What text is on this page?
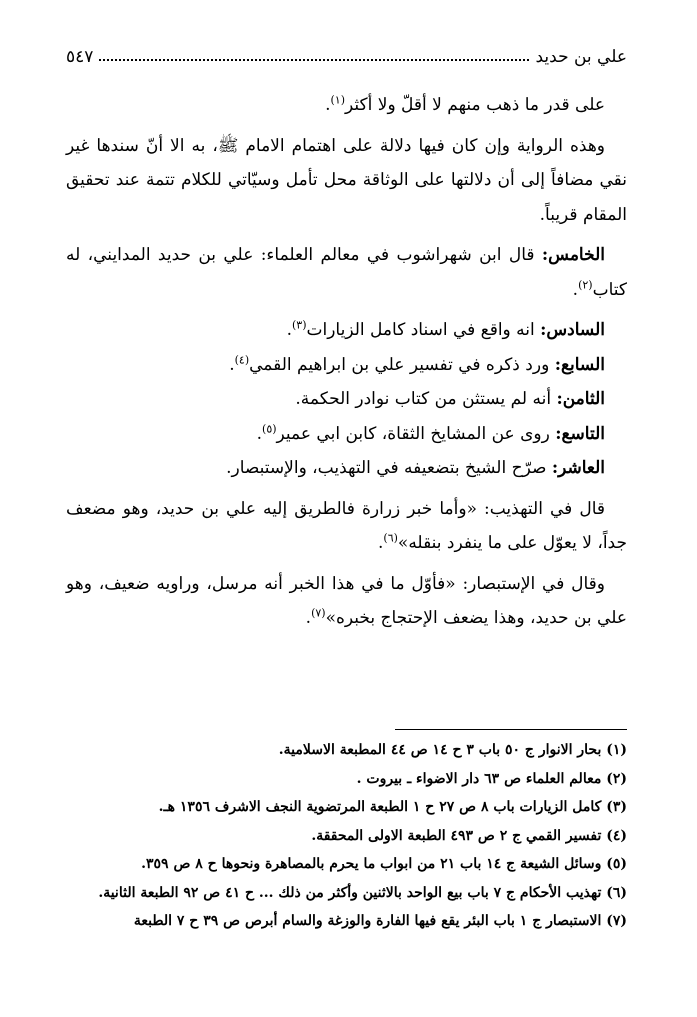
علي بن حديد
٥٤٧

على قدر ما ذهب منهم لا أقلّ ولا أكثر$^{(١)}$.

وهذه الرواية وإن كان فيها دلالة على اهتمام الامام ﷺ، به الا أنّ سندها غير نقي مضافاً إلى أن دلالتها على الوثاقة محل تأمل وسيّاتي للكلام تتمة عند تحقيق المقام قريباً.

الخامس: قال ابن شهراشوب في معالم العلماء: علي بن حديد المدايني، له كتاب$^{(٢)}$.

السادس: انه واقع في اسناد كامل الزيارات$^{(٣)}$.

السابع: ورد ذكره في تفسير علي بن ابراهيم القمي$^{(٤)}$.

الثامن: أنه لم يستثن من كتاب نوادر الحكمة.

التاسع: روى عن المشايخ الثقاة، كابن ابي عمير$^{(٥)}$.

العاشر: صرّح الشيخ بتضعيفه في التهذيب، والإستبصار.

قال في التهذيب: «وأما خبر زرارة فالطريق إليه علي بن حديد، وهو مضعف جداً، لا يعوّل على ما ينفرد بنقله»$^{(٦)}$.

وقال في الإستبصار: «فأوّل ما في هذا الخبر أنه مرسل، وراويه ضعيف، وهو علي بن حديد، وهذا يضعف الإحتجاج بخبره»$^{(٧)}$.

(١) بحار الانوار ج ٥٠ باب ٣ ح ١٤ ص ٤٤ المطبعة الاسلامية.

(٢) معالم العلماء ص ٦٣ دار الاضواء ـ بيروت .

(٣) كامل الزيارات باب ٨ ص ٢٧ ح ١ الطبعة المرتضوية النجف الاشرف ١٣٥٦ هـ.

(٤) تفسير القمي ج ٢ ص ٤٩٣ الطبعة الاولى المحققة.

(٥) وسائل الشيعة ج ١٤ باب ٢١ من ابواب ما يحرم بالمصاهرة ونحوها ح ٨ ص ٣٥٩.

(٦) تهذيب الأحكام ج ٧ باب بيع الواحد بالاثنين وأكثر من ذلك ... ح ٤١ ص ٩٢ الطبعة الثانية.

(٧) الاستبصار ج ١ باب البئر يقع فيها الفارة والوزغة والسام أبرص ص ٣٩ ح ٧ الطبعة
